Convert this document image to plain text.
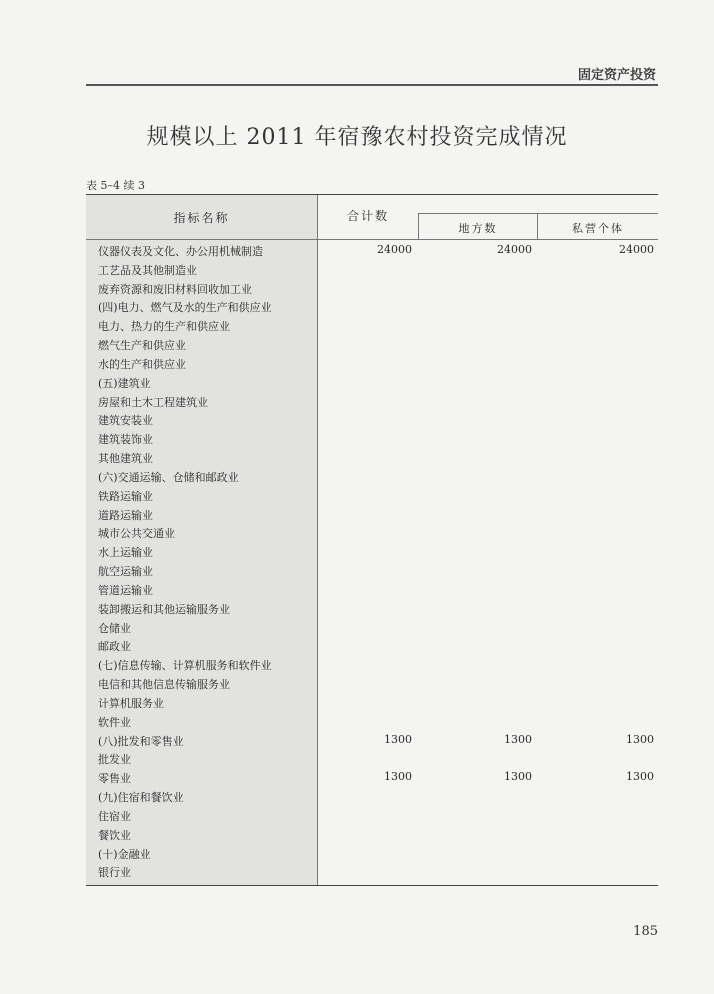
固定资产投资
规模以上 2011 年宿豫农村投资完成情况
表 5–4 续 3
指标名称	合计数
地方数	私营个体
仪器仪表及文化、办公用机械制造	24000	24000	24000
工艺品及其他制造业
废弃资源和废旧材料回收加工业
(四)电力、燃气及水的生产和供应业
电力、热力的生产和供应业
燃气生产和供应业
水的生产和供应业
(五)建筑业
房屋和土木工程建筑业
建筑安装业
建筑装饰业
其他建筑业
(六)交通运输、仓储和邮政业
铁路运输业
道路运输业
城市公共交通业
水上运输业
航空运输业
管道运输业
装卸搬运和其他运输服务业
仓储业
邮政业
(七)信息传输、计算机服务和软件业
电信和其他信息传输服务业
计算机服务业
软件业
(八)批发和零售业	1300	1300	1300
批发业
零售业	1300	1300	1300
(九)住宿和餐饮业
住宿业
餐饮业
(十)金融业
银行业
185
